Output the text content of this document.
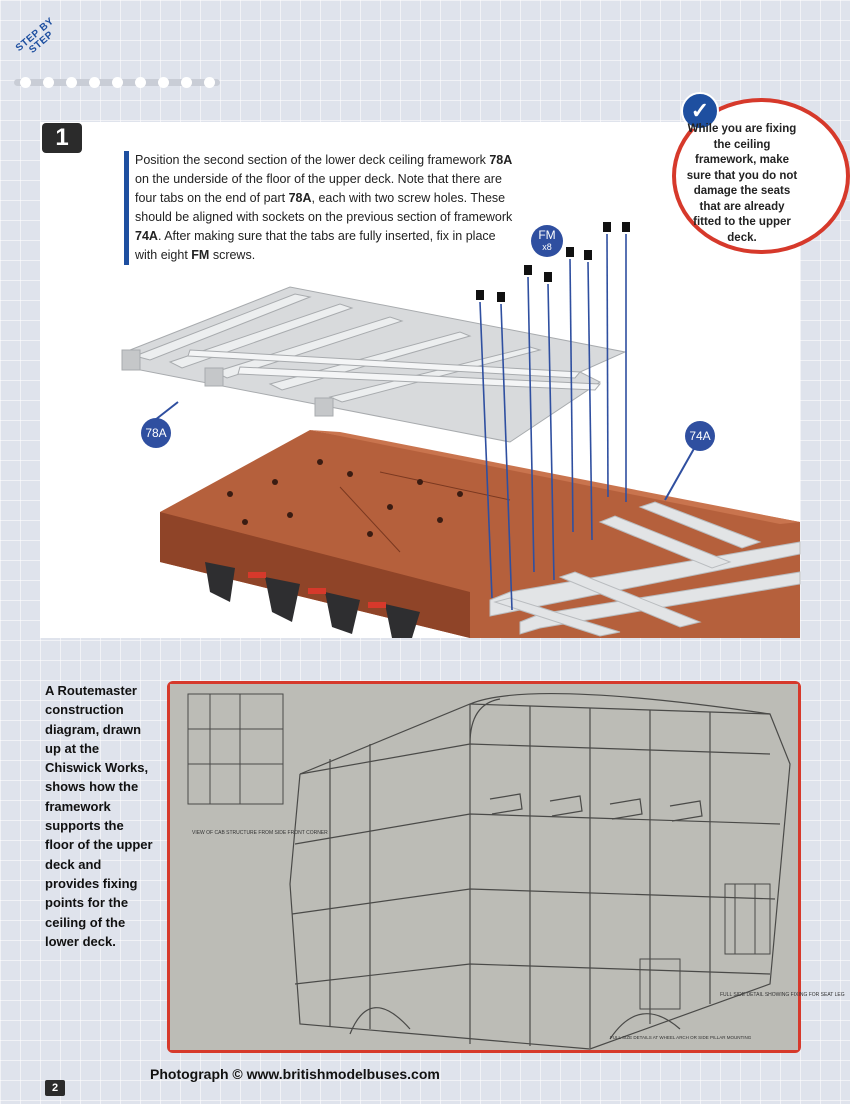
STEP BY STEP
1
Position the second section of the lower deck ceiling framework 78A on the underside of the floor of the upper deck. Note that there are four tabs on the end of part 78A, each with two screw holes. These should be aligned with sockets on the previous section of framework 74A. After making sure that the tabs are fully inserted, fix in place with eight FM screws.
78A	74A
FM
x8
✓
While you are fixing the ceiling framework, make sure that you do not damage the seats that are already fitted to the upper deck.
A Routemaster construction diagram, drawn up at the Chiswick Works, shows how the framework supports the floor of the upper deck and provides fixing points for the ceiling of the lower deck.
VIEW OF CAB STRUCTURE FROM SIDE FRONT CORNER
FULL SIDE DETAIL SHOWING FIXING FOR SEAT LEG
FULL SIZE DETAILS AT WHEEL ARCH OR SIDE PILLAR MOUNTING
Photograph © www.britishmodelbuses.com
2
